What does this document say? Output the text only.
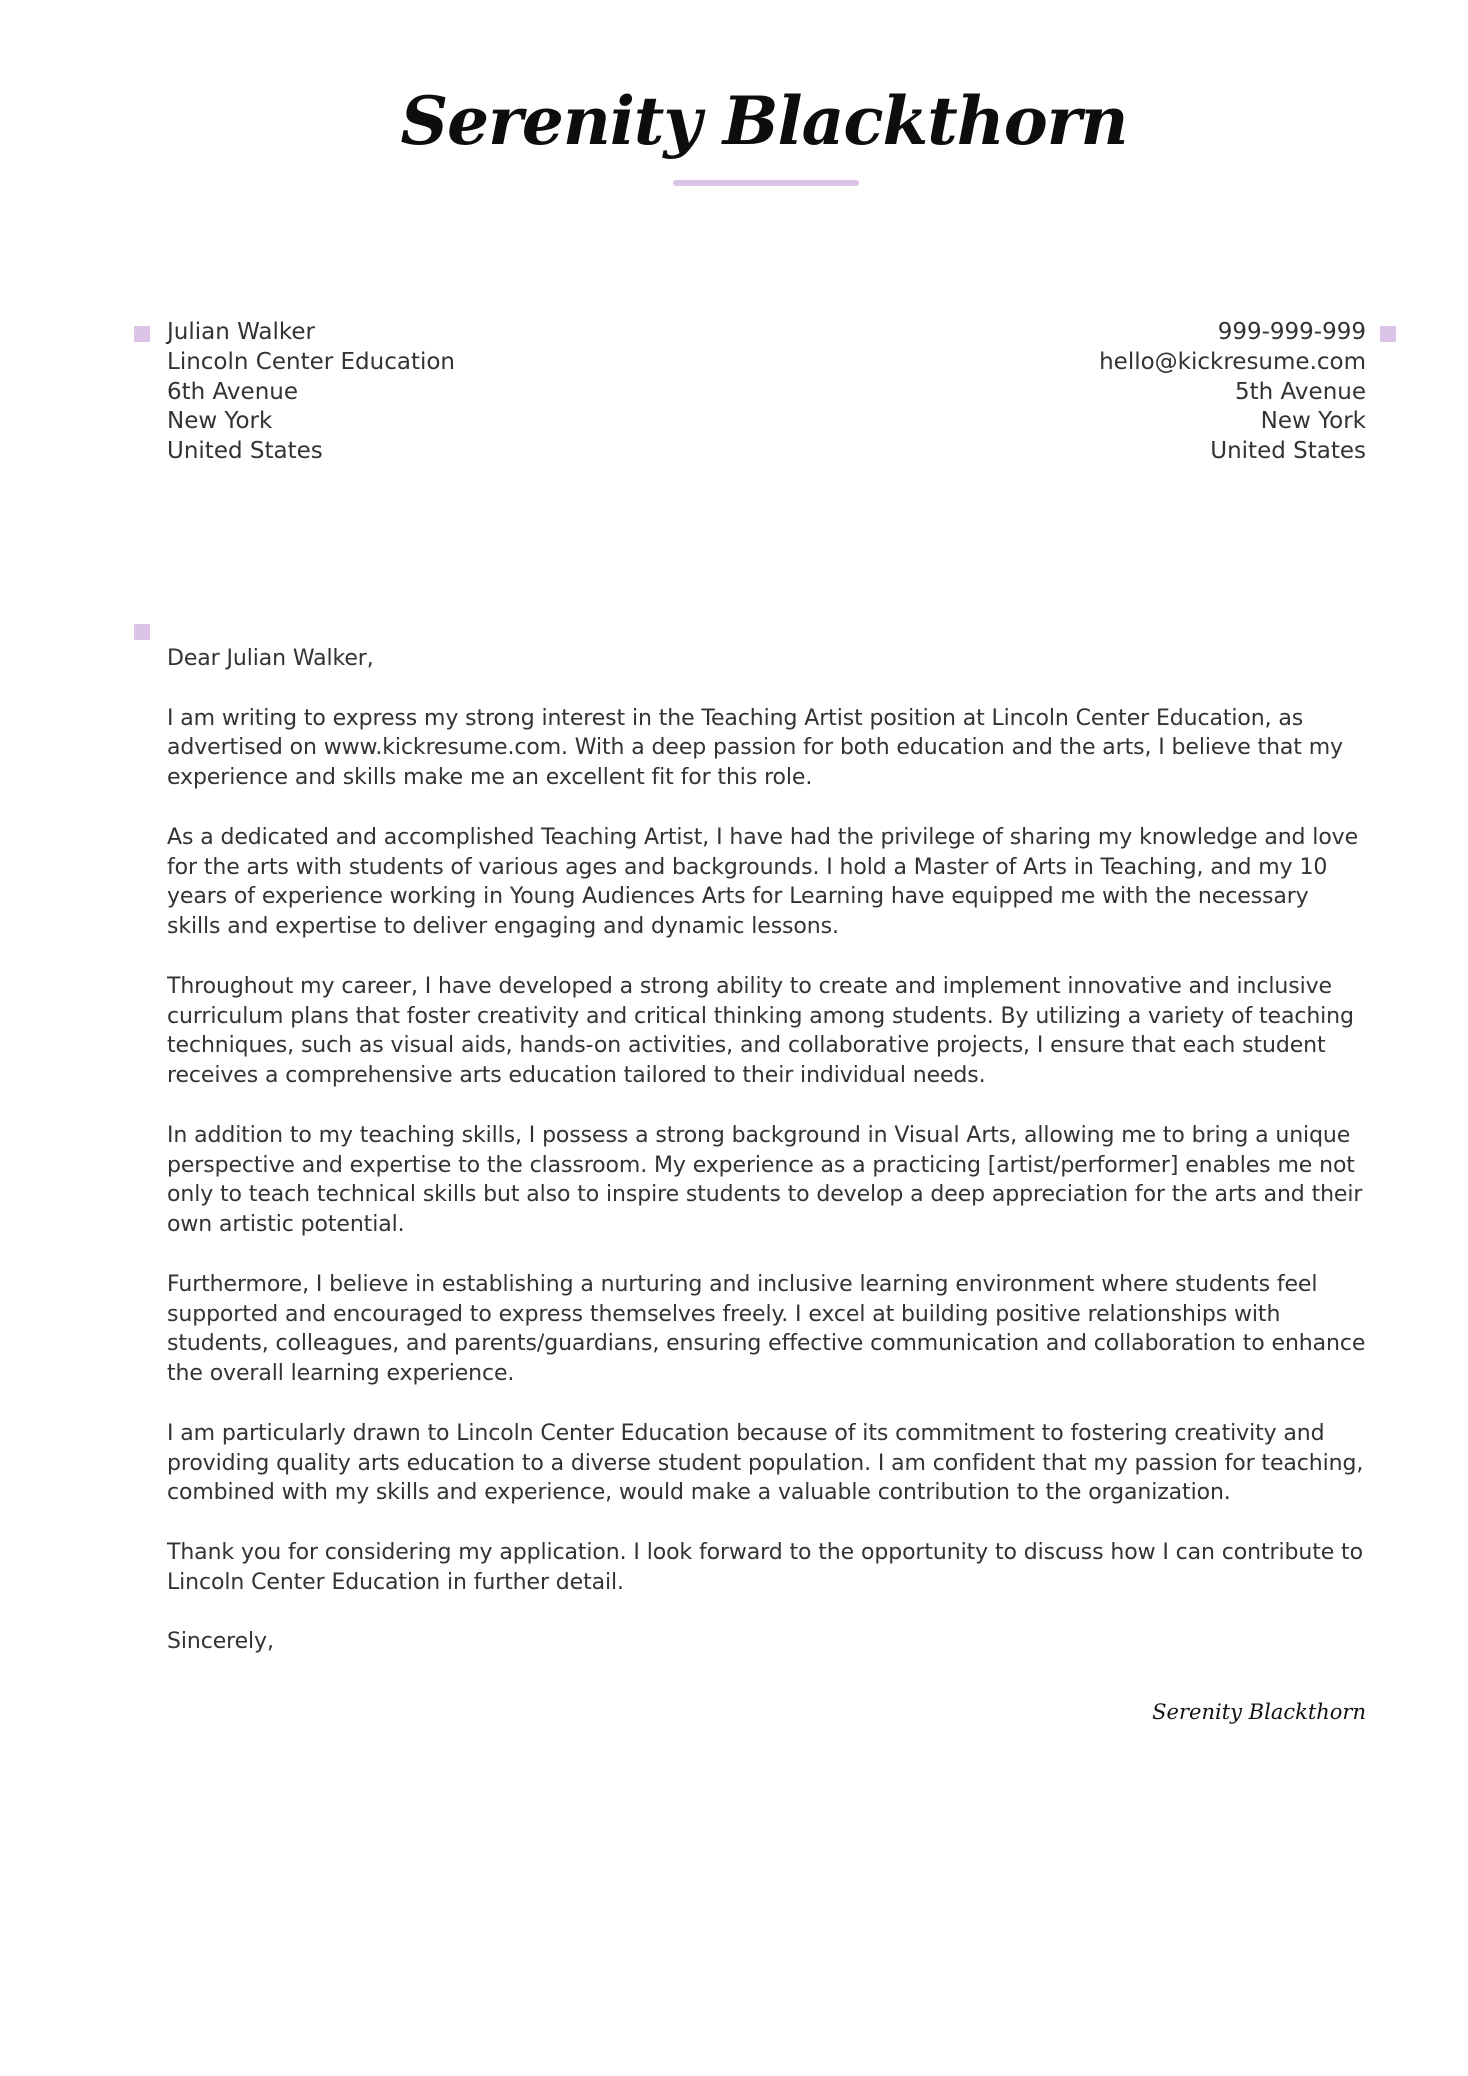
Serenity Blackthorn
Julian Walker
Lincoln Center Education
6th Avenue
New York
United States
999-999-999
hello@kickresume.com
5th Avenue
New York
United States

Dear Julian Walker,

I am writing to express my strong interest in the Teaching Artist position at Lincoln Center Education, as advertised on www.kickresume.com. With a deep passion for both education and the arts, I believe that my experience and skills make me an excellent fit for this role.

As a dedicated and accomplished Teaching Artist, I have had the privilege of sharing my knowledge and love for the arts with students of various ages and backgrounds. I hold a Master of Arts in Teaching, and my 10 years of experience working in Young Audiences Arts for Learning have equipped me with the necessary skills and expertise to deliver engaging and dynamic lessons.

Throughout my career, I have developed a strong ability to create and implement innovative and inclusive curriculum plans that foster creativity and critical thinking among students. By utilizing a variety of teaching techniques, such as visual aids, hands-on activities, and collaborative projects, I ensure that each student receives a comprehensive arts education tailored to their individual needs.

In addition to my teaching skills, I possess a strong background in Visual Arts, allowing me to bring a unique perspective and expertise to the classroom. My experience as a practicing [artist/performer] enables me not only to teach technical skills but also to inspire students to develop a deep appreciation for the arts and their own artistic potential.

Furthermore, I believe in establishing a nurturing and inclusive learning environment where students feel supported and encouraged to express themselves freely. I excel at building positive relationships with students, colleagues, and parents/guardians, ensuring effective communication and collaboration to enhance the overall learning experience.

I am particularly drawn to Lincoln Center Education because of its commitment to fostering creativity and providing quality arts education to a diverse student population. I am confident that my passion for teaching, combined with my skills and experience, would make a valuable contribution to the organization.

Thank you for considering my application. I look forward to the opportunity to discuss how I can contribute to Lincoln Center Education in further detail.

Sincerely,

Serenity Blackthorn
